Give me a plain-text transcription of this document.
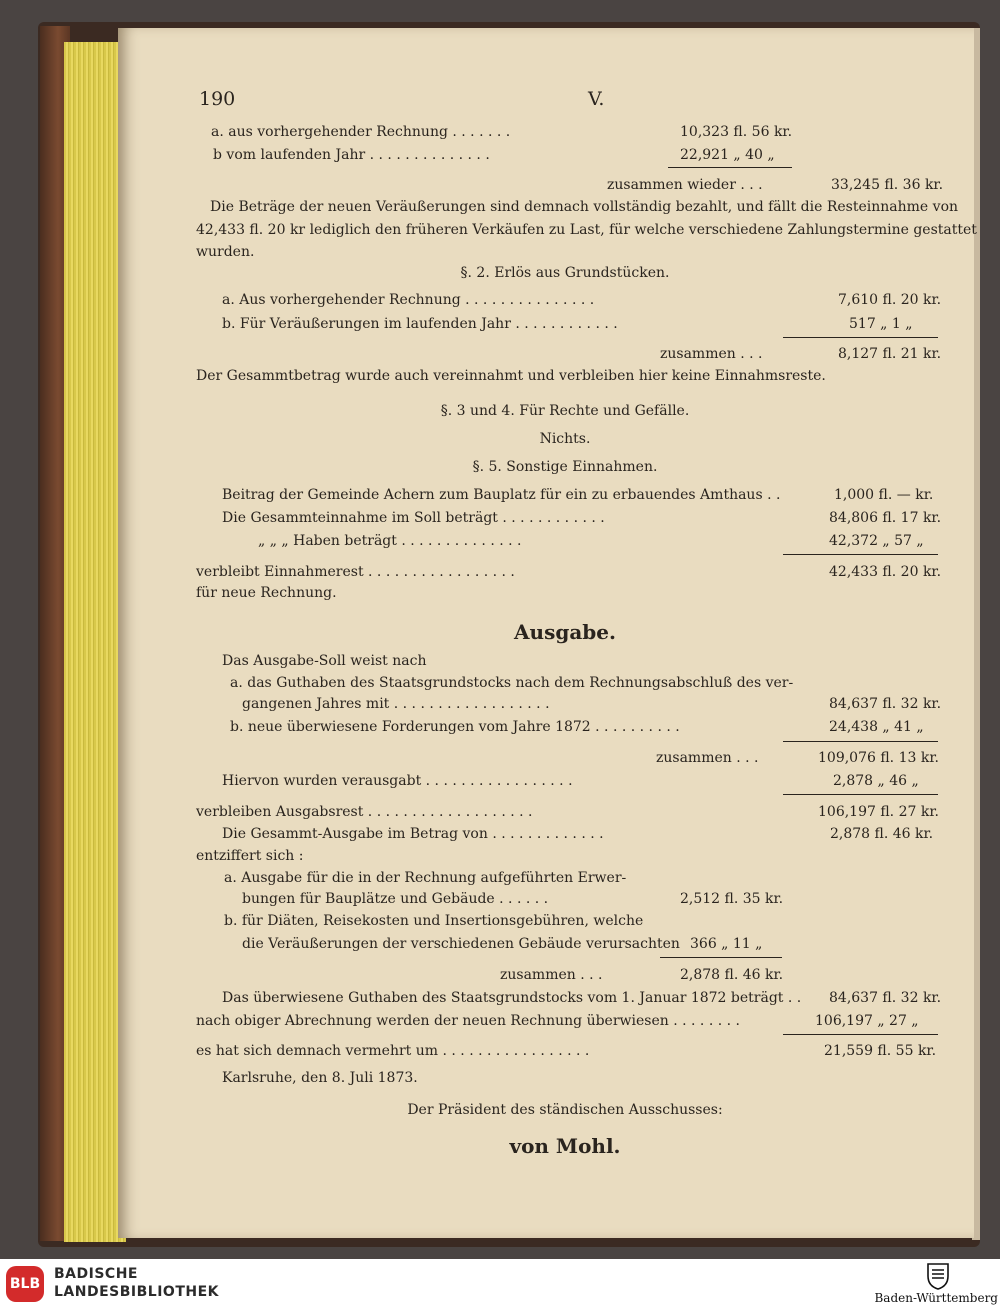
190	V.
a. aus vorhergehender Rechnung . . . . . . .	10,323 fl. 56 kr.
b vom laufenden Jahr . . . . . . . . . . . . . .	22,921 „ 40 „
zusammen wieder . . .	33,245 fl. 36 kr.
Die Beträge der neuen Veräußerungen sind demnach vollständig bezahlt, und fällt die Resteinnahme von
42,433 fl. 20 kr lediglich den früheren Verkäufen zu Last, für welche verschiedene Zahlungstermine gestattet
wurden.
§. 2. Erlös aus Grundstücken.
a. Aus vorhergehender Rechnung . . . . . . . . . . . . . . .	7,610 fl. 20 kr.
b. Für Veräußerungen im laufenden Jahr . . . . . . . . . . . .	517 „ 1 „
zusammen . . .	8,127 fl. 21 kr.
Der Gesammtbetrag wurde auch vereinnahmt und verbleiben hier keine Einnahmsreste.
§. 3 und 4. Für Rechte und Gefälle.
Nichts.
§. 5. Sonstige Einnahmen.
Beitrag der Gemeinde Achern zum Bauplatz für ein zu erbauendes Amthaus . .	1,000 fl. — kr.
Die Gesammteinnahme im Soll beträgt . . . . . . . . . . . .	84,806 fl. 17 kr.
„ „ „ Haben beträgt . . . . . . . . . . . . . .	42,372 „ 57 „
verbleibt Einnahmerest . . . . . . . . . . . . . . . . .	42,433 fl. 20 kr.
für neue Rechnung.
Ausgabe.
Das Ausgabe-Soll weist nach
a. das Guthaben des Staatsgrundstocks nach dem Rechnungsabschluß des ver-
gangenen Jahres mit . . . . . . . . . . . . . . . . . .	84,637 fl. 32 kr.
b. neue überwiesene Forderungen vom Jahre 1872 . . . . . . . . . .	24,438 „ 41 „
zusammen . . .	109,076 fl. 13 kr.
Hiervon wurden verausgabt . . . . . . . . . . . . . . . . .	2,878 „ 46 „
verbleiben Ausgabsrest . . . . . . . . . . . . . . . . . . .	106,197 fl. 27 kr.
Die Gesammt-Ausgabe im Betrag von . . . . . . . . . . . . .	2,878 fl. 46 kr.
entziffert sich :
a. Ausgabe für die in der Rechnung aufgeführten Erwer-
bungen für Bauplätze und Gebäude . . . . . .	2,512 fl. 35 kr.
b. für Diäten, Reisekosten und Insertionsgebühren, welche
die Veräußerungen der verschiedenen Gebäude verursachten 366 „ 11 „
zusammen . . .	2,878 fl. 46 kr.
Das überwiesene Guthaben des Staatsgrundstocks vom 1. Januar 1872 beträgt . . 84,637 fl. 32 kr.
nach obiger Abrechnung werden der neuen Rechnung überwiesen . . . . . . . .	106,197 „ 27 „
es hat sich demnach vermehrt um . . . . . . . . . . . . . . . . .	21,559 fl. 55 kr.
Karlsruhe, den 8. Juli 1873.
Der Präsident des ständischen Ausschusses:
von Mohl.
BLB
BADISCHE
LANDESBIBLIOTHEK	Baden-Württemberg
